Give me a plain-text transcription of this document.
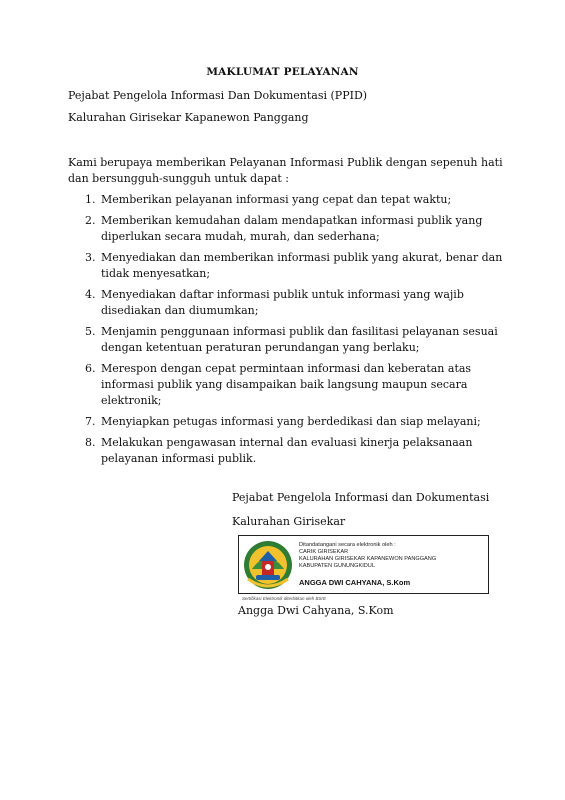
MAKLUMAT PELAYANAN
Pejabat Pengelola Informasi Dan Dokumentasi (PPID)
Kalurahan Girisekar Kapanewon Panggang
Kami berupaya memberikan Pelayanan Informasi Publik dengan sepenuh hati dan bersungguh-sungguh untuk dapat :
1. Memberikan pelayanan informasi yang cepat dan tepat waktu;
2. Memberikan kemudahan dalam mendapatkan informasi publik yang diperlukan secara mudah, murah, dan sederhana;
3. Menyediakan dan memberikan informasi publik yang akurat, benar dan tidak menyesatkan;
4. Menyediakan daftar informasi publik untuk informasi yang wajib disediakan dan diumumkan;
5. Menjamin penggunaan informasi publik dan fasilitasi pelayanan sesuai dengan ketentuan peraturan perundangan yang berlaku;
6. Merespon dengan cepat permintaan informasi dan keberatan atas informasi publik yang disampaikan baik langsung maupun secara elektronik;
7. Menyiapkan petugas informasi yang berdedikasi dan siap melayani;
8. Melakukan pengawasan internal dan evaluasi kinerja pelaksanaan pelayanan informasi publik.
Pejabat Pengelola Informasi dan Dokumentasi
Kalurahan Girisekar
Ditandatangani secara elektronik oleh :
CARIK GIRISEKAR
KALURAHAN GIRISEKAR KAPANEWON PANGGANG
KABUPATEN GUNUNGKIDUL
ANGGA DWI CAHYANA, S.Kom
Sertifikasi Elektronik diterbitkan oleh BSrE
Angga Dwi Cahyana, S.Kom
